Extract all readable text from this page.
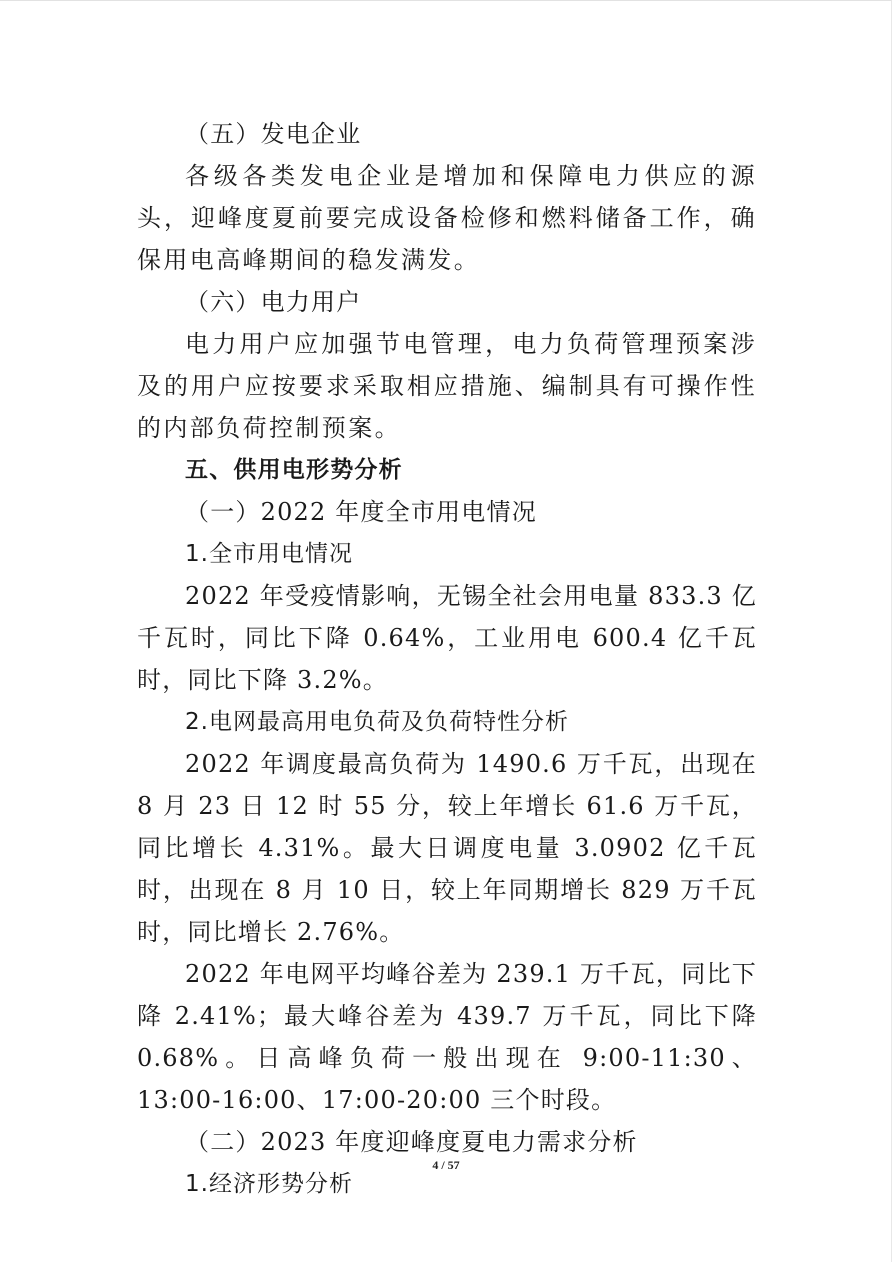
（五）发电企业

各级各类发电企业是增加和保障电力供应的源头，迎峰度夏前要完成设备检修和燃料储备工作，确保用电高峰期间的稳发满发。

（六）电力用户

电力用户应加强节电管理，电力负荷管理预案涉及的用户应按要求采取相应措施、编制具有可操作性的内部负荷控制预案。

五、供用电形势分析

（一）2022 年度全市用电情况

1.全市用电情况

2022 年受疫情影响，无锡全社会用电量 833.3 亿千瓦时，同比下降 0.64%，工业用电 600.4 亿千瓦时，同比下降 3.2%。

2.电网最高用电负荷及负荷特性分析

2022 年调度最高负荷为 1490.6 万千瓦，出现在 8 月 23 日 12 时 55 分，较上年增长 61.6 万千瓦，同比增长 4.31%。最大日调度电量 3.0902 亿千瓦时，出现在 8 月 10 日，较上年同期增长 829 万千瓦时，同比增长 2.76%。

2022 年电网平均峰谷差为 239.1 万千瓦，同比下降 2.41%；最大峰谷差为 439.7 万千瓦，同比下降 0.68%。日高峰负荷一般出现在 9:00-11:30、13:00-16:00、17:00-20:00 三个时段。

（二）2023 年度迎峰度夏电力需求分析

1.经济形势分析

4 / 57
